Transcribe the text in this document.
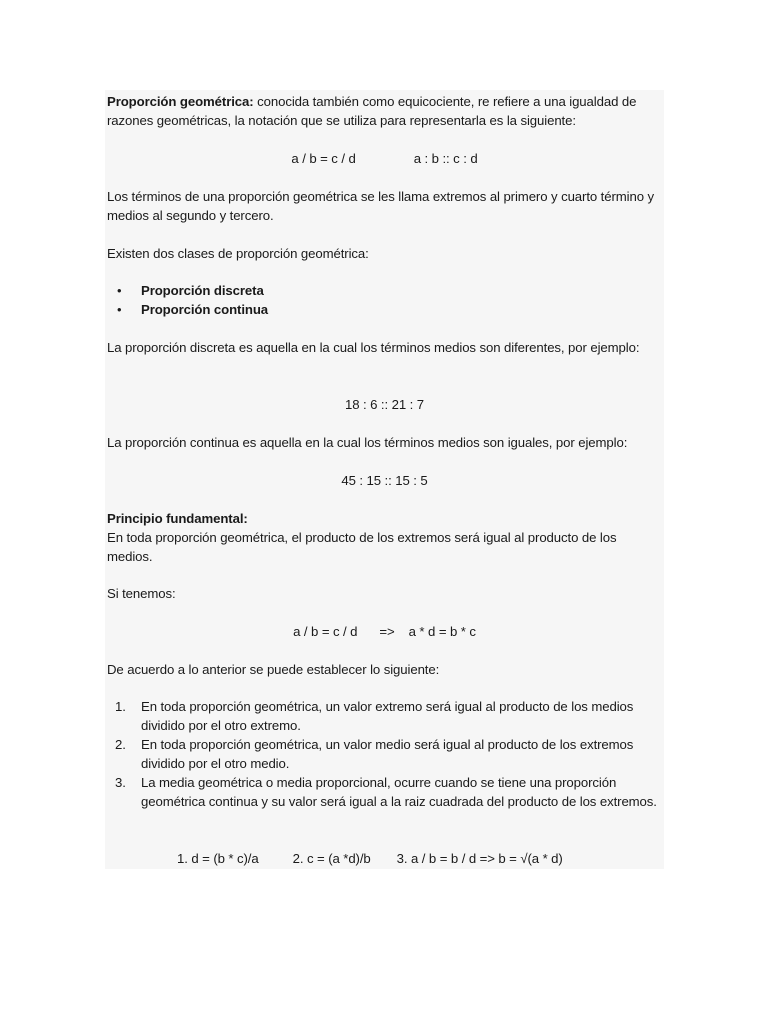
Proporción geométrica: conocida también como equicociente, re refiere a una igualdad de razones geométricas, la notación que se utiliza para representarla es la siguiente:

a / b = c / d	a : b :: c : d

Los términos de una proporción geométrica se les llama extremos al primero y cuarto término y medios al segundo y tercero.

Existen dos clases de proporción geométrica:

• Proporción discreta
• Proporción continua

La proporción discreta es aquella en la cual los términos medios son diferentes, por ejemplo:

18 : 6 :: 21 : 7

La proporción continua es aquella en la cual los términos medios son iguales, por ejemplo:

45 : 15 :: 15 : 5

Principio fundamental:
En toda proporción geométrica, el producto de los extremos será igual al producto de los medios.

Si tenemos:

a / b = c / d => a * d = b * c

De acuerdo a lo anterior se puede establecer lo siguiente:

1. En toda proporción geométrica, un valor extremo será igual al producto de los medios dividido por el otro extremo.
2. En toda proporción geométrica, un valor medio será igual al producto de los extremos dividido por el otro medio.
3. La media geométrica o media proporcional, ocurre cuando se tiene una proporción geométrica continua y su valor será igual a la raiz cuadrada del producto de los extremos.

1. d = (b * c)/a	2. c = (a *d)/b 3. a / b = b / d => b = √(a * d)
